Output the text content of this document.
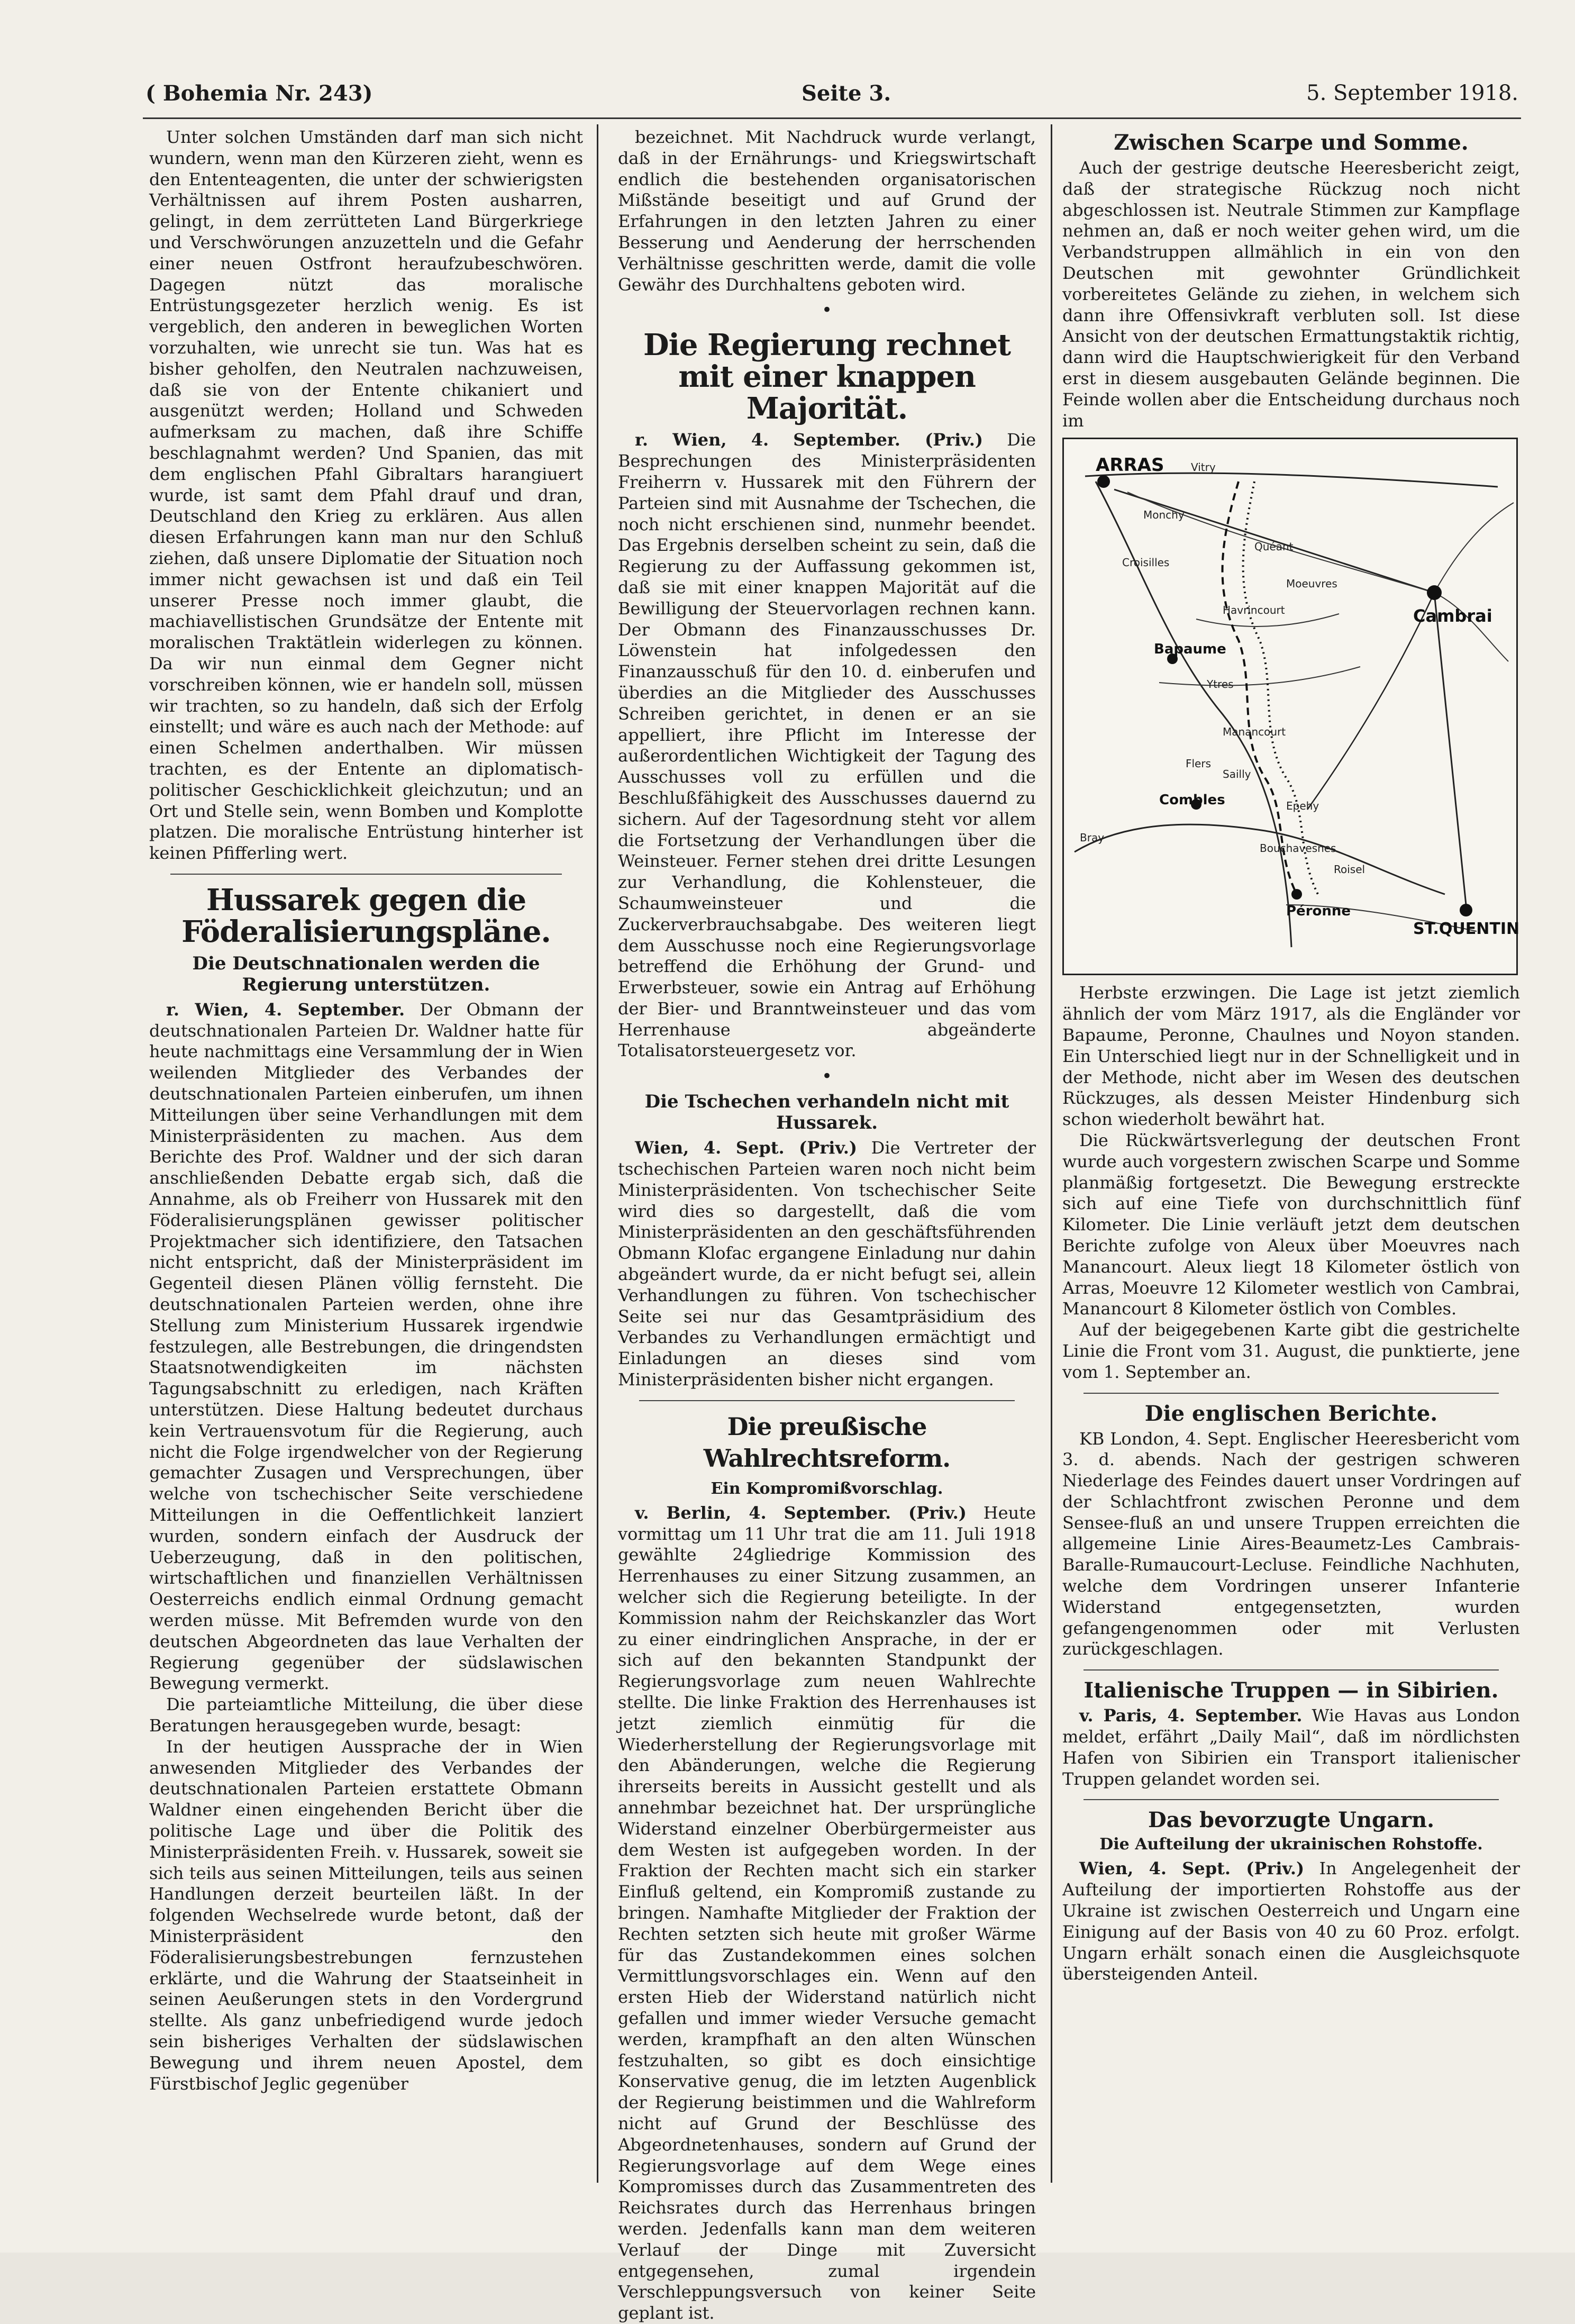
( Bohemia Nr. 243)	Seite 3.	5. September 1918.

Unter solchen Umständen darf man sich nicht wundern, wenn man den Kürzeren zieht, wenn es den Ententeagenten, die unter der schwierigsten Verhältnissen auf ihrem Posten ausharren, gelingt, in dem zerrütteten Land Bürgerkriege und Verschwörungen anzuzetteln und die Gefahr einer neuen Ostfront heraufzubeschwören. Dagegen nützt das moralische Entrüstungsgezeter herzlich wenig. Es ist vergeblich, den anderen in beweglichen Worten vorzuhalten, wie unrecht sie tun. Was hat es bisher geholfen, den Neutralen nachzuweisen, daß sie von der Entente chikaniert und ausgenützt werden; Holland und Schweden aufmerksam zu machen, daß ihre Schiffe beschlagnahmt werden? Und Spanien, das mit dem englischen Pfahl Gibraltars harangiuert wurde, ist samt dem Pfahl drauf und dran, Deutschland den Krieg zu erklären. Aus allen diesen Erfahrungen kann man nur den Schluß ziehen, daß unsere Diplomatie der Situation noch immer nicht gewachsen ist und daß ein Teil unserer Presse noch immer glaubt, die machiavellistischen Grundsätze der Entente mit moralischen Traktätlein widerlegen zu können. Da wir nun einmal dem Gegner nicht vorschreiben können, wie er handeln soll, müssen wir trachten, so zu handeln, daß sich der Erfolg einstellt; und wäre es auch nach der Methode: auf einen Schelmen anderthalben. Wir müssen trachten, es der Entente an diplomatisch-politischer Geschicklichkeit gleichzutun; und an Ort und Stelle sein, wenn Bomben und Komplotte platzen. Die moralische Entrüstung hinterher ist keinen Pfifferling wert.

Hussarek gegen die Föderalisierungspläne.
Die Deutschnationalen werden die Regierung unterstützen.

r. Wien, 4. September. Der Obmann der deutschnationalen Parteien Dr. Waldner hatte für heute nachmittags eine Versammlung der in Wien weilenden Mitglieder des Verbandes der deutschnationalen Parteien einberufen, um ihnen Mitteilungen über seine Verhandlungen mit dem Ministerpräsidenten zu machen. Aus dem Berichte des Prof. Waldner und der sich daran anschließenden Debatte ergab sich, daß die Annahme, als ob Freiherr von Hussarek mit den Föderalisierungsplänen gewisser politischer Projektmacher sich identifiziere, den Tatsachen nicht entspricht, daß der Ministerpräsident im Gegenteil diesen Plänen völlig fernsteht. Die deutschnationalen Parteien werden, ohne ihre Stellung zum Ministerium Hussarek irgendwie festzulegen, alle Bestrebungen, die dringendsten Staatsnotwendigkeiten im nächsten Tagungsabschnitt zu erledigen, nach Kräften unterstützen. Diese Haltung bedeutet durchaus kein Vertrauensvotum für die Regierung, auch nicht die Folge irgendwelcher von der Regierung gemachter Zusagen und Versprechungen, über welche von tschechischer Seite verschiedene Mitteilungen in die Oeffentlichkeit lanziert wurden, sondern einfach der Ausdruck der Ueberzeugung, daß in den politischen, wirtschaftlichen und finanziellen Verhältnissen Oesterreichs endlich einmal Ordnung gemacht werden müsse. Mit Befremden wurde von den deutschen Abgeordneten das laue Verhalten der Regierung gegenüber der südslawischen Bewegung vermerkt.

Die parteiamtliche Mitteilung, die über diese Beratungen herausgegeben wurde, besagt:

In der heutigen Aussprache der in Wien anwesenden Mitglieder des Verbandes der deutschnationalen Parteien erstattete Obmann Waldner einen eingehenden Bericht über die politische Lage und über die Politik des Ministerpräsidenten Freih. v. Hussarek, soweit sie sich teils aus seinen Mitteilungen, teils aus seinen Handlungen derzeit beurteilen läßt. In der folgenden Wechselrede wurde betont, daß der Ministerpräsident den Föderalisierungsbestrebungen fernzustehen erklärte, und die Wahrung der Staatseinheit in seinen Aeußerungen stets in den Vordergrund stellte. Als ganz unbefriedigend wurde jedoch sein bisheriges Verhalten der südslawischen Bewegung und ihrem neuen Apostel, dem Fürstbischof Jeglic gegenüber

bezeichnet. Mit Nachdruck wurde verlangt, daß in der Ernährungs- und Kriegswirtschaft endlich die bestehenden organisatorischen Mißstände beseitigt und auf Grund der Erfahrungen in den letzten Jahren zu einer Besserung und Aenderung der herrschenden Verhältnisse geschritten werde, damit die volle Gewähr des Durchhaltens geboten wird.

•
Die Regierung rechnet mit einer knappen Majorität.

r. Wien, 4. September. (Priv.) Die Besprechungen des Ministerpräsidenten Freiherrn v. Hussarek mit den Führern der Parteien sind mit Ausnahme der Tschechen, die noch nicht erschienen sind, nunmehr beendet. Das Ergebnis derselben scheint zu sein, daß die Regierung zu der Auffassung gekommen ist, daß sie mit einer knappen Majorität auf die Bewilligung der Steuervorlagen rechnen kann. Der Obmann des Finanzausschusses Dr. Löwenstein hat infolgedessen den Finanzausschuß für den 10. d. einberufen und überdies an die Mitglieder des Ausschusses Schreiben gerichtet, in denen er an sie appelliert, ihre Pflicht im Interesse der außerordentlichen Wichtigkeit der Tagung des Ausschusses voll zu erfüllen und die Beschlußfähigkeit des Ausschusses dauernd zu sichern. Auf der Tagesordnung steht vor allem die Fortsetzung der Verhandlungen über die Weinsteuer. Ferner stehen drei dritte Lesungen zur Verhandlung, die Kohlensteuer, die Schaumweinsteuer und die Zuckerverbrauchsabgabe. Des weiteren liegt dem Ausschusse noch eine Regierungsvorlage betreffend die Erhöhung der Grund- und Erwerbsteuer, sowie ein Antrag auf Erhöhung der Bier- und Branntweinsteuer und das vom Herrenhause abgeänderte Totalisatorsteuergesetz vor.

•
Die Tschechen verhandeln nicht mit Hussarek.

Wien, 4. Sept. (Priv.) Die Vertreter der tschechischen Parteien waren noch nicht beim Ministerpräsidenten. Von tschechischer Seite wird dies so dargestellt, daß die vom Ministerpräsidenten an den geschäftsführenden Obmann Klofac ergangene Einladung nur dahin abgeändert wurde, da er nicht befugt sei, allein Verhandlungen zu führen. Von tschechischer Seite sei nur das Gesamtpräsidium des Verbandes zu Verhandlungen ermächtigt und Einladungen an dieses sind vom Ministerpräsidenten bisher nicht ergangen.

Die preußische Wahlrechtsreform.
Ein Kompromißvorschlag.

v. Berlin, 4. September. (Priv.) Heute vormittag um 11 Uhr trat die am 11. Juli 1918 gewählte 24gliedrige Kommission des Herrenhauses zu einer Sitzung zusammen, an welcher sich die Regierung beteiligte. In der Kommission nahm der Reichskanzler das Wort zu einer eindringlichen Ansprache, in der er sich auf den bekannten Standpunkt der Regierungsvorlage zum neuen Wahlrechte stellte. Die linke Fraktion des Herrenhauses ist jetzt ziemlich einmütig für die Wiederherstellung der Regierungsvorlage mit den Abänderungen, welche die Regierung ihrerseits bereits in Aussicht gestellt und als annehmbar bezeichnet hat. Der ursprüngliche Widerstand einzelner Oberbürgermeister aus dem Westen ist aufgegeben worden. In der Fraktion der Rechten macht sich ein starker Einfluß geltend, ein Kompromiß zustande zu bringen. Namhafte Mitglieder der Fraktion der Rechten setzten sich heute mit großer Wärme für das Zustandekommen eines solchen Vermittlungsvorschlages ein. Wenn auf den ersten Hieb der Widerstand natürlich nicht gefallen und immer wieder Versuche gemacht werden, krampfhaft an den alten Wünschen festzuhalten, so gibt es doch einsichtige Konservative genug, die im letzten Augenblick der Regierung beistimmen und die Wahlreform nicht auf Grund der Beschlüsse des Abgeordnetenhauses, sondern auf Grund der Regierungsvorlage auf dem Wege eines Kompromisses durch das Zusammentreten des Reichsrates durch das Herrenhaus bringen werden. Jedenfalls kann man dem weiteren Verlauf der Dinge mit Zuversicht entgegensehen, zumal irgendein Verschleppungsversuch von keiner Seite geplant ist.

Zwischen Scarpe und Somme.

Auch der gestrige deutsche Heeresbericht zeigt, daß der strategische Rückzug noch nicht abgeschlossen ist. Neutrale Stimmen zur Kampflage nehmen an, daß er noch weiter gehen wird, um die Verbandstruppen allmählich in ein von den Deutschen mit gewohnter Gründlichkeit vorbereitetes Gelände zu ziehen, in welchem sich dann ihre Offensivkraft verbluten soll. Ist diese Ansicht von der deutschen Ermattungstaktik richtig, dann wird die Hauptschwierigkeit für den Verband erst in diesem ausgebauten Gelände beginnen. Die Feinde wollen aber die Entscheidung durchaus noch im

ARRAS
Cambrai
Combles
Péronne
ST.QUENTIN
Bapaume
Vitry
Monchy
Croisilles
Quéant
Moeuvres
Havrincourt
Ytres
Manancourt
Sailly
Bray
Flers
Bouchavesnes
Epehy
Roisel

Herbste erzwingen. Die Lage ist jetzt ziemlich ähnlich der vom März 1917, als die Engländer vor Bapaume, Peronne, Chaulnes und Noyon standen. Ein Unterschied liegt nur in der Schnelligkeit und in der Methode, nicht aber im Wesen des deutschen Rückzuges, als dessen Meister Hindenburg sich schon wiederholt bewährt hat.

Die Rückwärtsverlegung der deutschen Front wurde auch vorgestern zwischen Scarpe und Somme planmäßig fortgesetzt. Die Bewegung erstreckte sich auf eine Tiefe von durchschnittlich fünf Kilometer. Die Linie verläuft jetzt dem deutschen Berichte zufolge von Aleux über Moeuvres nach Manancourt. Aleux liegt 18 Kilometer östlich von Arras, Moeuvre 12 Kilometer westlich von Cambrai, Manancourt 8 Kilometer östlich von Combles.

Auf der beigegebenen Karte gibt die gestrichelte Linie die Front vom 31. August, die punktierte, jene vom 1. September an.

Die englischen Berichte.

KB London, 4. Sept. Englischer Heeresbericht vom 3. d. abends. Nach der gestrigen schweren Niederlage des Feindes dauert unser Vordringen auf der Schlachtfront zwischen Peronne und dem Sensee-fluß an und unsere Truppen erreichten die allgemeine Linie Aires-Beaumetz-Les Cambrais-Baralle-Rumaucourt-Lecluse. Feindliche Nachhuten, welche dem Vordringen unserer Infanterie Widerstand entgegensetzten, wurden gefangengenommen oder mit Verlusten zurückgeschlagen.

Italienische Truppen — in Sibirien.

v. Paris, 4. September. Wie Havas aus London meldet, erfährt „Daily Mail“, daß im nördlichsten Hafen von Sibirien ein Transport italienischer Truppen gelandet worden sei.

Das bevorzugte Ungarn.
Die Aufteilung der ukrainischen Rohstoffe.

Wien, 4. Sept. (Priv.) In Angelegenheit der Aufteilung der importierten Rohstoffe aus der Ukraine ist zwischen Oesterreich und Ungarn eine Einigung auf der Basis von 40 zu 60 Proz. erfolgt. Ungarn erhält sonach einen die Ausgleichsquote übersteigenden Anteil.
